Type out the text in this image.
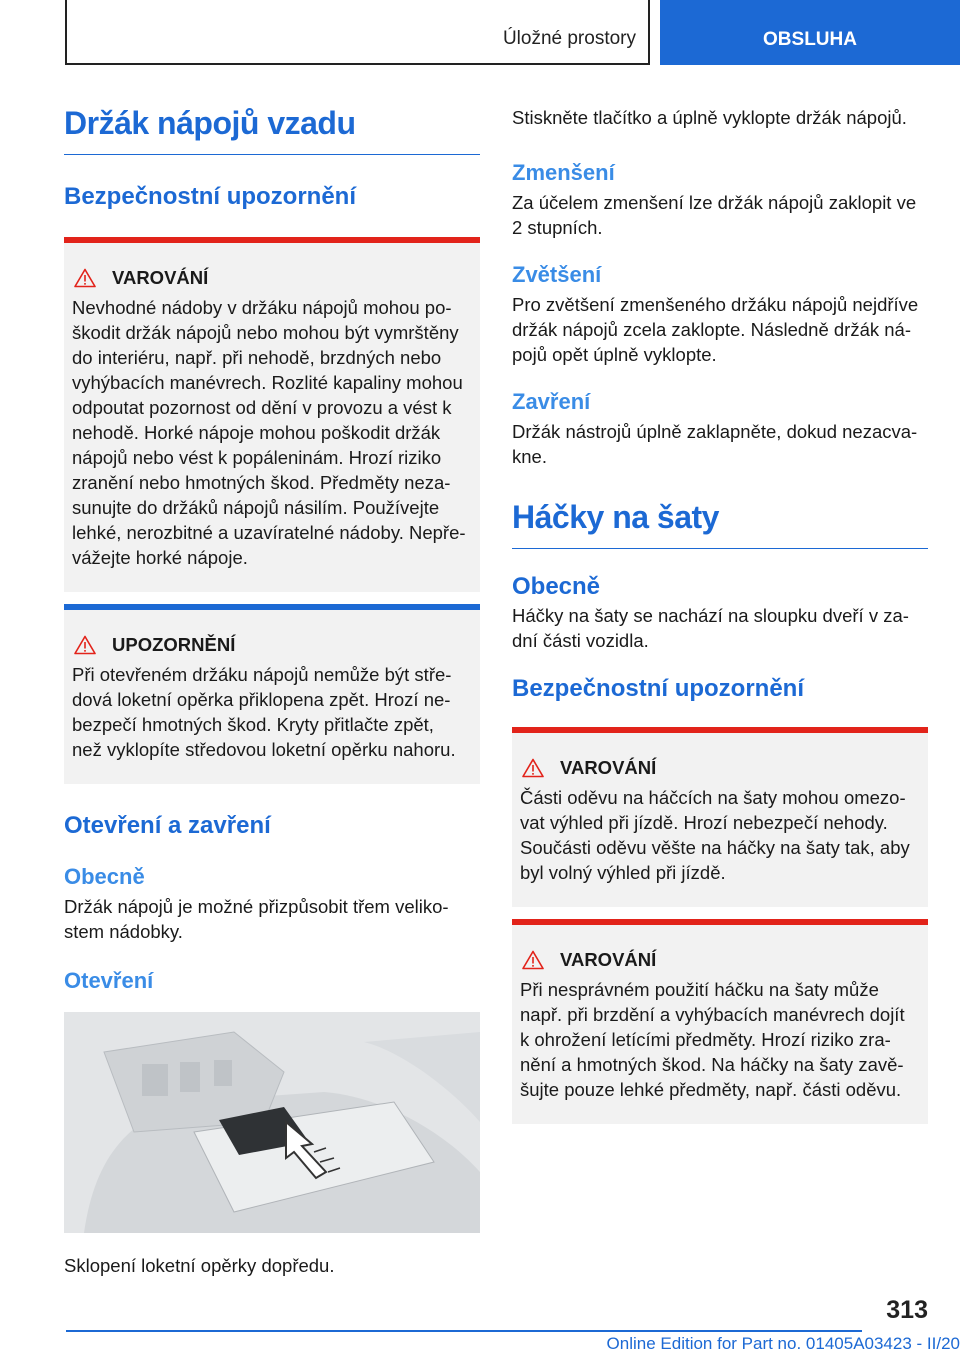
Úložné prostory	OBSLUHA
Držák nápojů vzadu
Bezpečnostní upozornění
VAROVÁNÍ

Nevhodné nádoby v držáku nápojů mohou po-
škodit držák nápojů nebo mohou být vymrštěny
do interiéru, např. při nehodě, brzdných nebo
vyhýbacích manévrech. Rozlité kapaliny mohou
odpoutat pozornost od dění v provozu a vést k
nehodě. Horké nápoje mohou poškodit držák
nápojů nebo vést k popáleninám. Hrozí riziko
zranění nebo hmotných škod. Předměty neza-
sunujte do držáků nápojů násilím. Používejte
lehké, nerozbitné a uzavíratelné nádoby. Nepře-
vážejte horké nápoje.

UPOZORNĚNÍ

Při otevřeném držáku nápojů nemůže být stře-
dová loketní opěrka přiklopena zpět. Hrozí ne-
bezpečí hmotných škod. Kryty přitlačte zpět,
než vyklopíte středovou loketní opěrku nahoru.

Otevření a zavření
Obecně

Držák nápojů je možné přizpůsobit třem veliko-
stem nádobky.

Otevření

Sklopení loketní opěrky dopředu.

Stiskněte tlačítko a úplně vyklopte držák nápojů.

Zmenšení

Za účelem zmenšení lze držák nápojů zaklopit ve
2 stupních.

Zvětšení

Pro zvětšení zmenšeného držáku nápojů nejdříve
držák nápojů zcela zaklopte. Následně držák ná-
pojů opět úplně vyklopte.

Zavření

Držák nástrojů úplně zaklapněte, dokud nezacva-
kne.

Háčky na šaty
Obecně

Háčky na šaty se nachází na sloupku dveří v za-
dní části vozidla.

Bezpečnostní upozornění
VAROVÁNÍ

Části oděvu na háčcích na šaty mohou omezo-
vat výhled při jízdě. Hrozí nebezpečí nehody.
Součásti oděvu věšte na háčky na šaty tak, aby
byl volný výhled při jízdě.

VAROVÁNÍ

Při nesprávném použití háčku na šaty může
např. při brzdění a vyhýbacích manévrech dojít
k ohrožení letícími předměty. Hrozí riziko zra-
nění a hmotných škod. Na háčky na šaty zavě-
šujte pouze lehké předměty, např. části oděvu.

313
Online Edition for Part no. 01405A03423 - II/20
